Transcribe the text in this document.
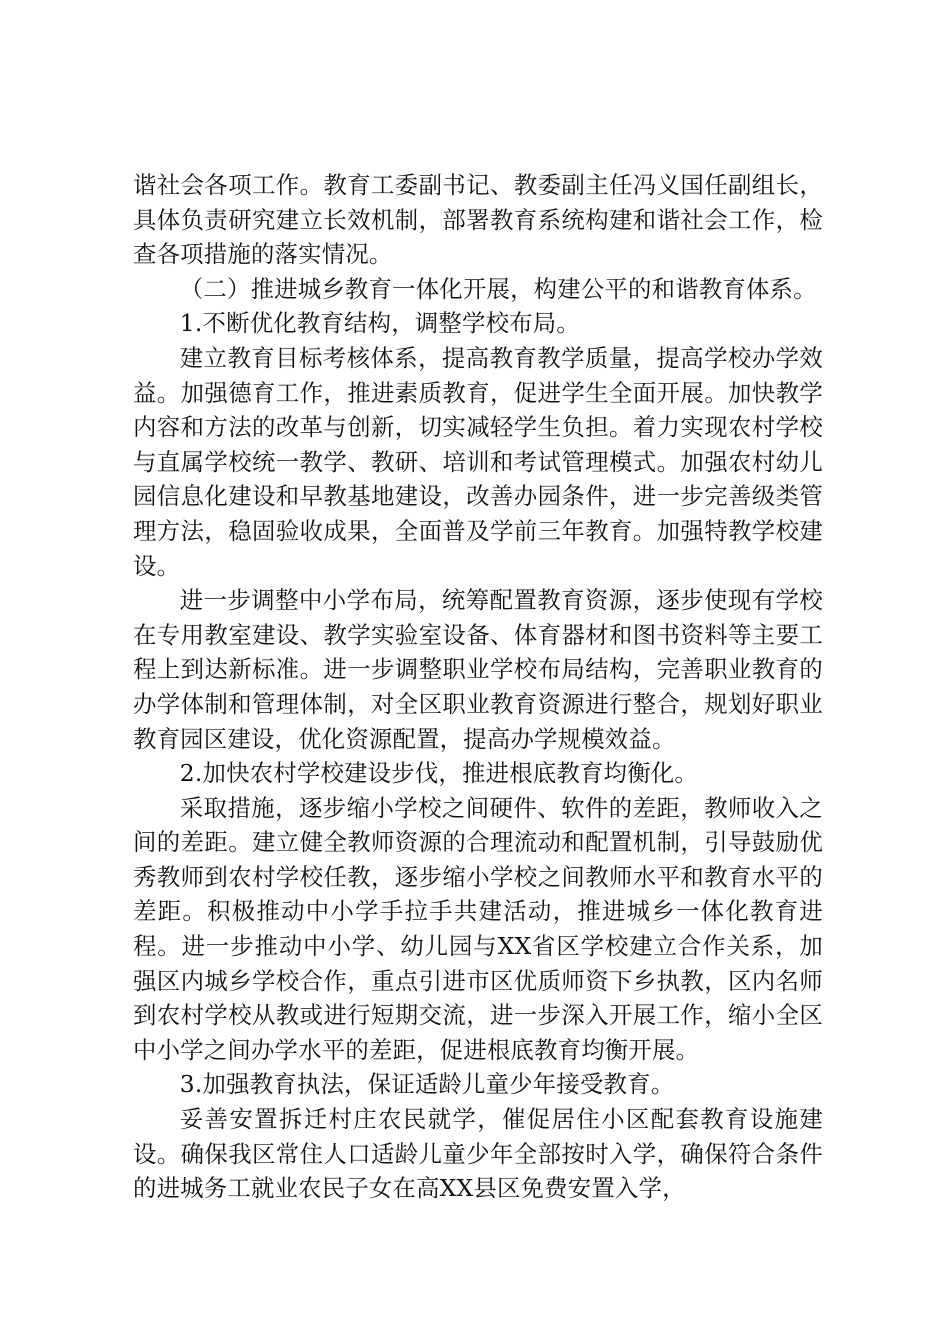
谐社会各项工作。教育工委副书记、教委副主任冯义国任副组长，具体负责研究建立长效机制，部署教育系统构建和谐社会工作，检查各项措施的落实情况。

（二）推进城乡教育一体化开展，构建公平的和谐教育体系。

1.不断优化教育结构，调整学校布局。

建立教育目标考核体系，提高教育教学质量，提高学校办学效益。加强德育工作，推进素质教育，促进学生全面开展。加快教学内容和方法的改革与创新，切实减轻学生负担。着力实现农村学校与直属学校统一教学、教研、培训和考试管理模式。加强农村幼儿园信息化建设和早教基地建设，改善办园条件，进一步完善级类管理方法，稳固验收成果，全面普及学前三年教育。加强特教学校建设。

进一步调整中小学布局，统筹配置教育资源，逐步使现有学校在专用教室建设、教学实验室设备、体育器材和图书资料等主要工程上到达新标准。进一步调整职业学校布局结构，完善职业教育的办学体制和管理体制，对全区职业教育资源进行整合，规划好职业教育园区建设，优化资源配置，提高办学规模效益。

2.加快农村学校建设步伐，推进根底教育均衡化。

采取措施，逐步缩小学校之间硬件、软件的差距，教师收入之间的差距。建立健全教师资源的合理流动和配置机制，引导鼓励优秀教师到农村学校任教，逐步缩小学校之间教师水平和教育水平的差距。积极推动中小学手拉手共建活动，推进城乡一体化教育进程。进一步推动中小学、幼儿园与XX省区学校建立合作关系，加强区内城乡学校合作，重点引进市区优质师资下乡执教，区内名师到农村学校从教或进行短期交流，进一步深入开展工作，缩小全区中小学之间办学水平的差距，促进根底教育均衡开展。

3.加强教育执法，保证适龄儿童少年接受教育。

妥善安置拆迁村庄农民就学，催促居住小区配套教育设施建设。确保我区常住人口适龄儿童少年全部按时入学，确保符合条件的进城务工就业农民子女在高XX县区免费安置入学，
